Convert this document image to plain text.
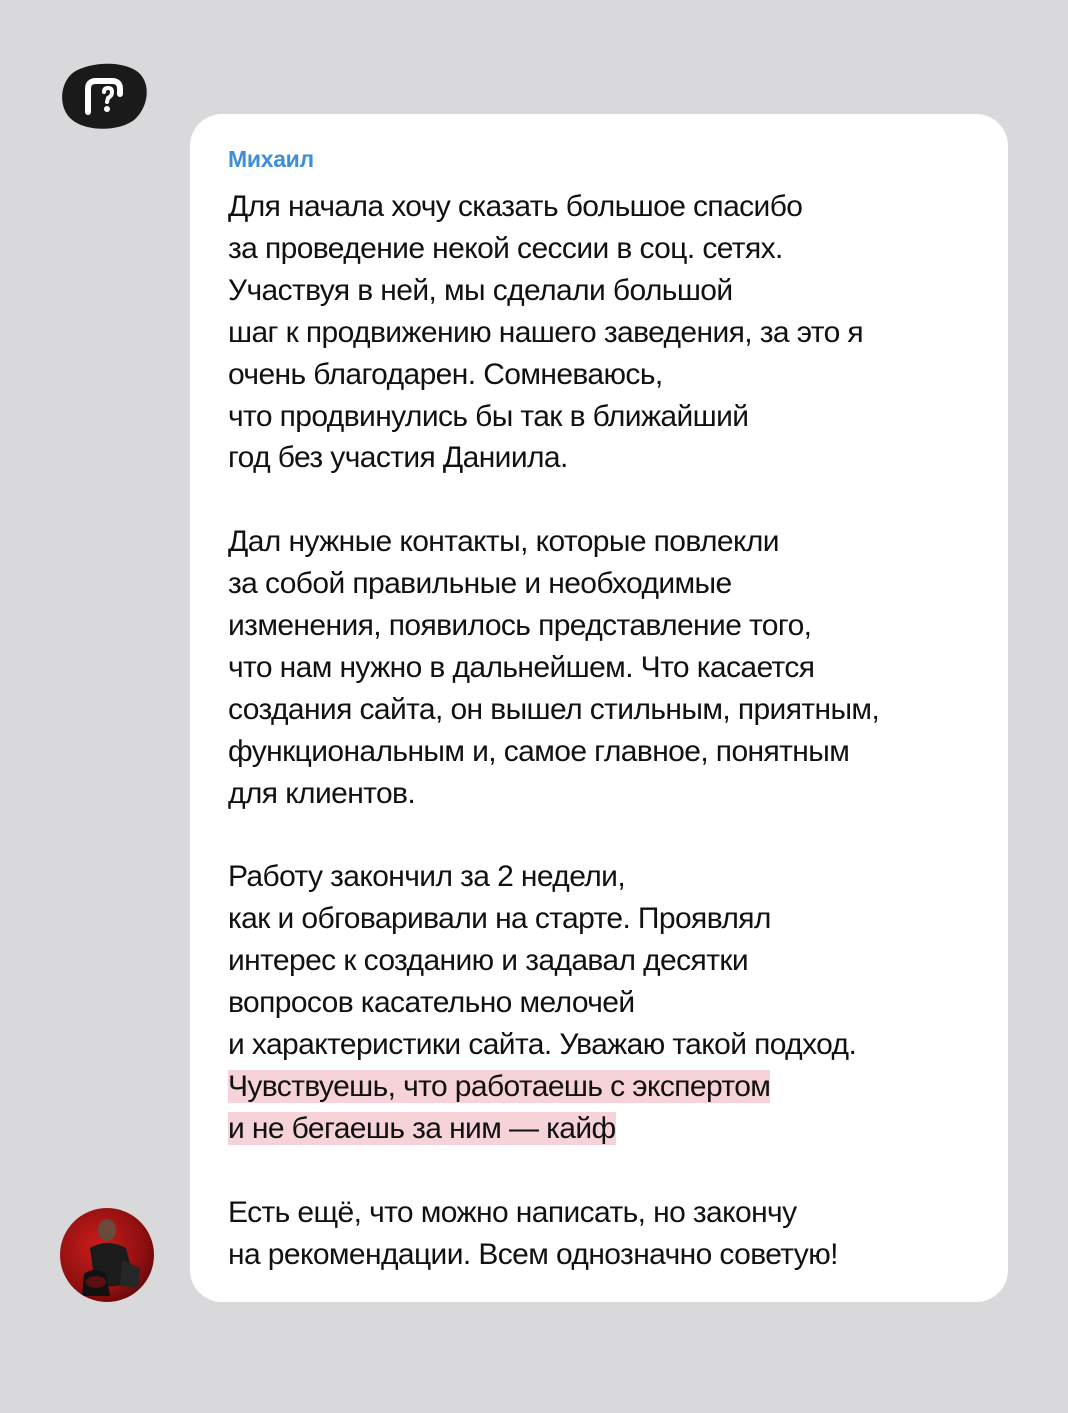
Михаил

Для начала хочу сказать большое спасибо
за проведение некой сессии в соц. сетях.
Участвуя в ней, мы сделали большой
шаг к продвижению нашего заведения, за это я
очень благодарен. Сомневаюсь,
что продвинулись бы так в ближайший
год без участия Даниила.

Дал нужные контакты, которые повлекли
за собой правильные и необходимые
изменения, появилось представление того,
что нам нужно в дальнейшем. Что касается
создания сайта, он вышел стильным, приятным,
функциональным и, самое главное, понятным
для клиентов.

Работу закончил за 2 недели,
как и обговаривали на старте. Проявлял
интерес к созданию и задавал десятки
вопросов касательно мелочей
и характеристики сайта. Уважаю такой подход.
Чувствуешь, что работаешь с экспертом
и не бегаешь за ним — кайф

Есть ещё, что можно написать, но закончу
на рекомендации. Всем однозначно советую!
